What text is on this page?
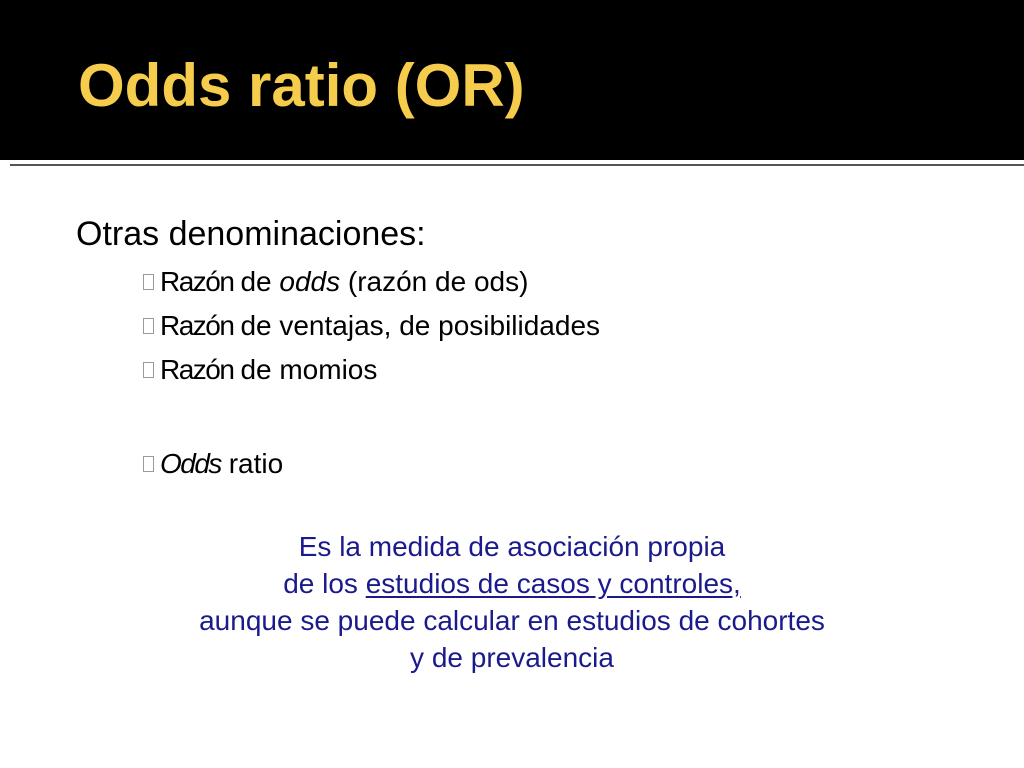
Odds ratio (OR)
Otras denominaciones:
Razón de odds (razón de ods)
Razón de ventajas, de posibilidades
Razón de momios
Odds ratio
Es la medida de asociación propia
de los estudios de casos y controles,
aunque se puede calcular en estudios de cohortes
y de prevalencia
